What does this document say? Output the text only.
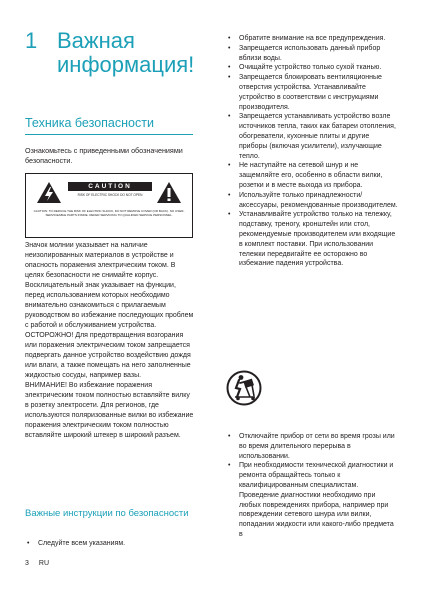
1 Важная информация!
Техника безопасности
Ознакомьтесь с приведенными обозначениями безопасности.
CAUTION
RISK OF ELECTRIC SHOCK DO NOT OPEN
CAUTION: TO REDUCE THE RISK OF ELECTRIC SHOCK, DO NOT REMOVE COVER (OR BACK). NO USER-SERVICEABLE PARTS INSIDE. REFER SERVICING TO QUALIFIED SERVICE PERSONNEL.

Значок молнии указывает на наличие неизолированных материалов в устройстве и опасность поражения электрическим током. В целях безопасности не снимайте корпус. Восклицательный знак указывает на функции, перед использованием которых необходимо внимательно ознакомиться с прилагаемым руководством во избежание последующих проблем с работой и обслуживанием устройства.

ОСТОРОЖНО! Для предотвращения возгорания или поражения электрическим током запрещается подвергать данное устройство воздействию дождя или влаги, а также помещать на него заполненные жидкостью сосуды, например вазы.

ВНИМАНИЕ! Во избежание поражения электрическим током полностью вставляйте вилку в розетку электросети. Для регионов, где используются поляризованные вилки во избежание поражения электрическим током полностью вставляйте широкий штекер в широкий разъем.

Важные инструкции по безопасности
• Следуйте всем указаниям.
• Обратите внимание на все предупреждения.
• Запрещается использовать данный прибор вблизи воды.
• Очищайте устройство только сухой тканью.
• Запрещается блокировать вентиляционные отверстия устройства. Устанавливайте устройство в соответствии с инструкциями производителя.
• Запрещается устанавливать устройство возле источников тепла, таких как батареи отопления, обогреватели, кухонные плиты и другие приборы (включая усилители), излучающие тепло.
• Не наступайте на сетевой шнур и не защемляйте его, особенно в области вилки, розетки и в месте выхода из прибора.
• Используйте только принадлежности/аксессуары, рекомендованные производителем.
• Устанавливайте устройство только на тележку, подставку, треногу, кронштейн или стол, рекомендуемые производителем или входящие в комплект поставки. При использовании тележки передвигайте ее осторожно во избежание падения устройства.
• Отключайте прибор от сети во время грозы или во время длительного перерыва в использовании.
• При необходимости технической диагностики и ремонта обращайтесь только к квалифицированным специалистам. Проведение диагностики необходимо при любых повреждениях прибора, например при повреждении сетевого шнура или вилки, попадании жидкости или какого-либо предмета в
3 RU
